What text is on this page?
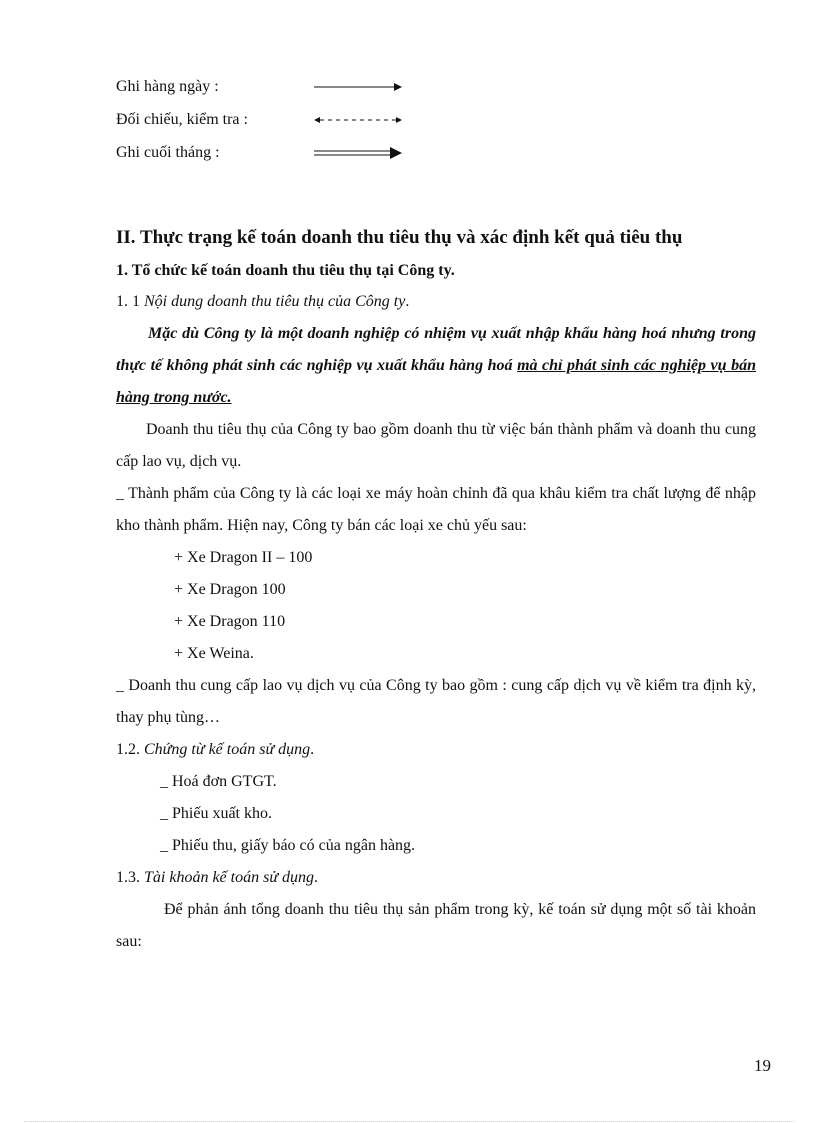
Ghi hàng ngày :
Đối chiếu, kiểm tra :
Ghi cuối tháng :

II. Thực trạng kế toán doanh thu tiêu thụ và xác định kết quả tiêu thụ

1. Tổ chức kế toán doanh thu tiêu thụ tại Công ty.

1. 1 Nội dung doanh thu tiêu thụ của Công ty.

Mặc dù Công ty là một doanh nghiệp có nhiệm vụ xuất nhập khẩu hàng hoá nhưng trong thực tế không phát sinh các nghiệp vụ xuất khẩu hàng hoá mà chỉ phát sinh các nghiệp vụ bán hàng trong nước.

Doanh thu tiêu thụ của Công ty bao gồm doanh thu từ việc bán thành phẩm và doanh thu cung cấp lao vụ, dịch vụ.

_ Thành phẩm của Công ty là các loại xe máy hoàn chỉnh đã qua khâu kiểm tra chất lượng để nhập kho thành phẩm. Hiện nay, Công ty bán các loại xe chủ yếu sau:

+ Xe Dragon II – 100

+ Xe Dragon 100

+ Xe Dragon 110

+ Xe Weina.

_ Doanh thu cung cấp lao vụ dịch vụ của Công ty bao gồm : cung cấp dịch vụ về kiểm tra định kỳ, thay phụ tùng…

1.2. Chứng từ kế toán sử dụng.

_ Hoá đơn GTGT.

_ Phiếu xuất kho.

_ Phiếu thu, giấy báo có của ngân hàng.

1.3. Tài khoản kế toán sử dụng.

Để phản ánh tổng doanh thu tiêu thụ sản phẩm trong kỳ, kế toán sử dụng một số tài khoản sau:

19
